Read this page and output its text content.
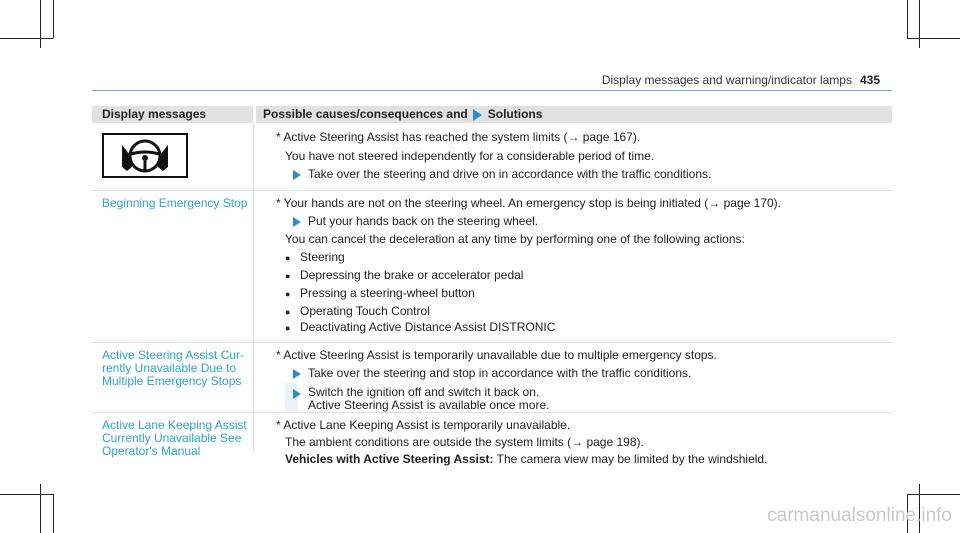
Display messages and warning/indicator lamps 435
Display messages	Possible causes/consequences and Solutions
* Active Steering Assist has reached the system limits (→ page 167).
You have not steered independently for a considerable period of time.
Take over the steering and drive on in accordance with the traffic conditions.
Beginning Emergency Stop * Your hands are not on the steering wheel. An emergency stop is being initiated (→ page 170).
Put your hands back on the steering wheel.
You can cancel the deceleration at any time by performing one of the following actions:
● Steering
● Depressing the brake or accelerator pedal
● Pressing a steering-wheel button
● Operating Touch Control
● Deactivating Active Distance Assist DISTRONIC
Active Steering Assist Cur-
rently Unavailable Due to
Multiple Emergency Stops
* Active Steering Assist is temporarily unavailable due to multiple emergency stops.
Take over the steering and stop in accordance with the traffic conditions.
Switch the ignition off and switch it back on.
Active Steering Assist is available once more.
Active Lane Keeping Assist
Currently Unavailable See
Operator's Manual
* Active Lane Keeping Assist is temporarily unavailable.
The ambient conditions are outside the system limits (→ page 198).
Vehicles with Active Steering Assist: The camera view may be limited by the windshield.
carmanualsonline.info
